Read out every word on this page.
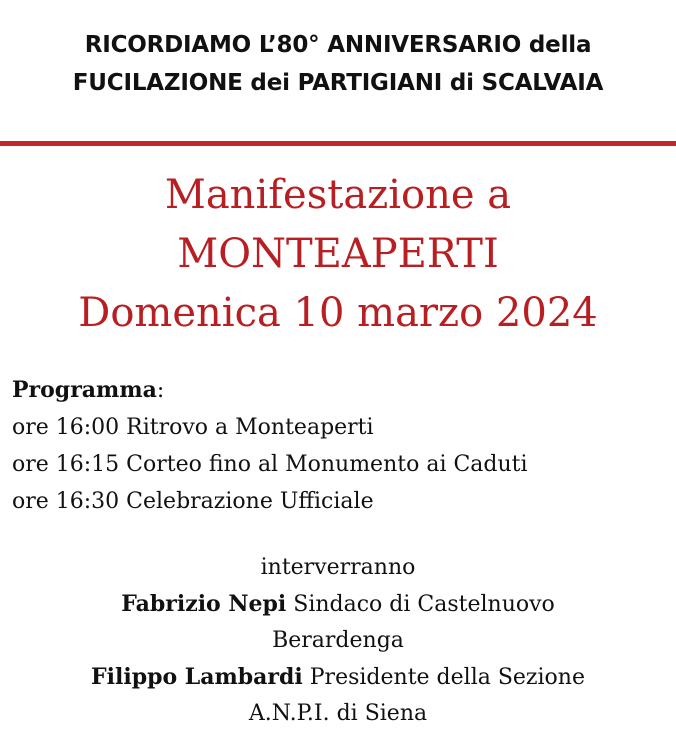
RICORDIAMO L’80° ANNIVERSARIO della
FUCILAZIONE dei PARTIGIANI di SCALVAIA
Manifestazione a
MONTEAPERTI
Domenica 10 marzo 2024
Programma:
ore 16:00 Ritrovo a Monteaperti
ore 16:15 Corteo fino al Monumento ai Caduti
ore 16:30 Celebrazione Ufficiale
interverranno
Fabrizio Nepi Sindaco di Castelnuovo
Berardenga
Filippo Lambardi Presidente della Sezione
A.N.P.I. di Siena
